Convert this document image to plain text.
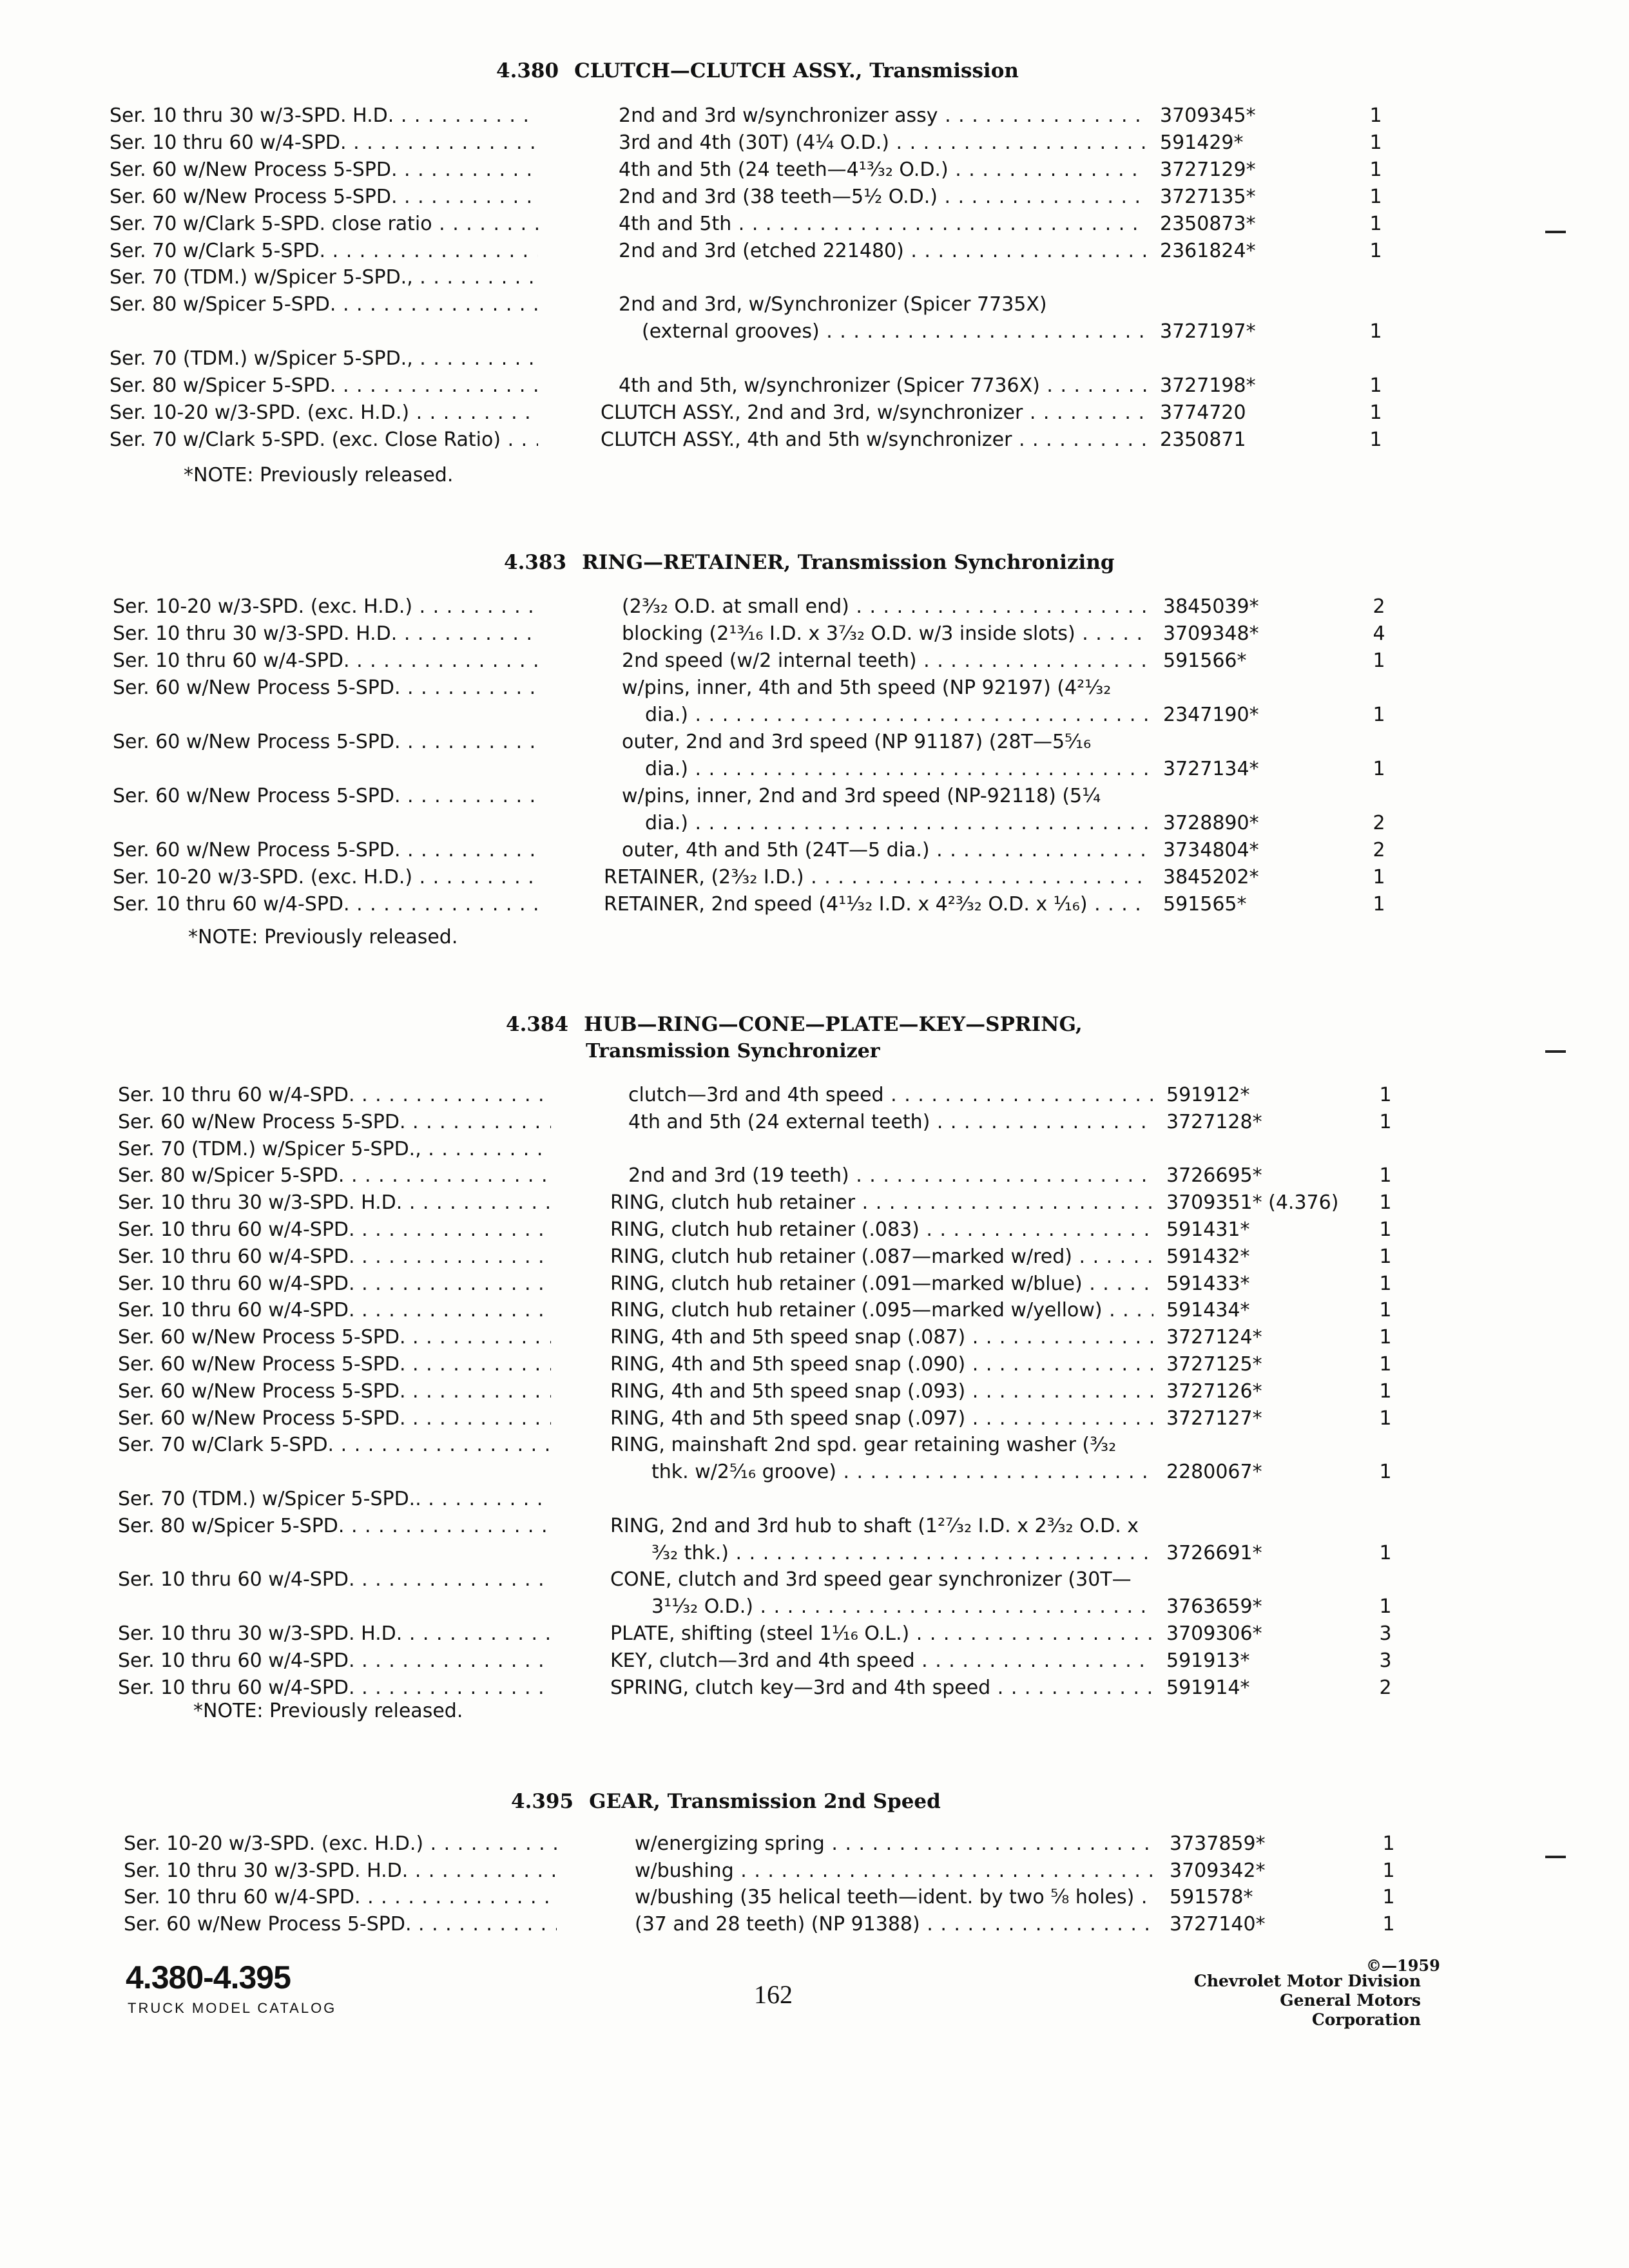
4.380 CLUTCH—CLUTCH ASSY., Transmission
4.383 RING—RETAINER, Transmission Synchronizing
4.384 HUB—RING—CONE—PLATE—KEY—SPRING,
Transmission Synchronizer
4.395 GEAR, Transmission 2nd Speed
Ser. 10 thru 30 w/3-SPD. H.D. . . .	2nd and 3rd w/synchronizer assy . . .	3709345*	1
Ser. 10 thru 60 w/4-SPD. . . .	3rd and 4th (30T) (4¼ O.D.) . . .	591429*	1
Ser. 60 w/New Process 5-SPD. . . .	4th and 5th (24 teeth—4¹³⁄₃₂ O.D.) . . .	3727129*	1
Ser. 60 w/New Process 5-SPD. . . .	2nd and 3rd (38 teeth—5½ O.D.) . . .	3727135*	1
Ser. 70 w/Clark 5-SPD. close ratio . . .	4th and 5th . . .	2350873*	1
Ser. 70 w/Clark 5-SPD. . . .	2nd and 3rd (etched 221480) . . .	2361824*	1
Ser. 70 (TDM.) w/Spicer 5-SPD., . . .
Ser. 80 w/Spicer 5-SPD. . . .	2nd and 3rd, w/Synchronizer (Spicer 7735X)
(external grooves) . . .	3727197*	1
Ser. 70 (TDM.) w/Spicer 5-SPD., . . .
Ser. 80 w/Spicer 5-SPD. . . .	4th and 5th, w/synchronizer (Spicer 7736X) . . .	3727198*	1
Ser. 10-20 w/3-SPD. (exc. H.D.) . . .	CLUTCH ASSY., 2nd and 3rd, w/synchronizer . . .	3774720	1
Ser. 70 w/Clark 5-SPD. (exc. Close Ratio) . . .	CLUTCH ASSY., 4th and 5th w/synchronizer . . .	2350871	1
Ser. 10-20 w/3-SPD. (exc. H.D.) . . .	(2³⁄₃₂ O.D. at small end) . . .	3845039*	2
Ser. 10 thru 30 w/3-SPD. H.D. . . .	blocking (2¹³⁄₁₆ I.D. x 3⁷⁄₃₂ O.D. w/3 inside slots) . . .	3709348*	4
Ser. 10 thru 60 w/4-SPD. . . .	2nd speed (w/2 internal teeth) . . .	591566*	1
Ser. 60 w/New Process 5-SPD. . . .	w/pins, inner, 4th and 5th speed (NP 92197) (4²¹⁄₃₂
dia.) . . .	2347190*	1
Ser. 60 w/New Process 5-SPD. . . .	outer, 2nd and 3rd speed (NP 91187) (28T—5⁵⁄₁₆
dia.) . . .	3727134*	1
Ser. 60 w/New Process 5-SPD. . . .	w/pins, inner, 2nd and 3rd speed (NP-92118) (5¼
dia.) . . .	3728890*	2
Ser. 60 w/New Process 5-SPD. . . .	outer, 4th and 5th (24T—5 dia.) . . .	3734804*	2
Ser. 10-20 w/3-SPD. (exc. H.D.) . . .	RETAINER, (2³⁄₃₂ I.D.) . . .	3845202*	1
Ser. 10 thru 60 w/4-SPD. . . .	RETAINER, 2nd speed (4¹¹⁄₃₂ I.D. x 4²³⁄₃₂ O.D. x ⅟₁₆) . . .	591565*	1
Ser. 10 thru 60 w/4-SPD. . . .	clutch—3rd and 4th speed . . .	591912*	1
Ser. 60 w/New Process 5-SPD. . . .	4th and 5th (24 external teeth) . . .	3727128*	1
Ser. 70 (TDM.) w/Spicer 5-SPD., . . .
Ser. 80 w/Spicer 5-SPD. . . .	2nd and 3rd (19 teeth) . . .	3726695*	1
Ser. 10 thru 30 w/3-SPD. H.D. . . .	RING, clutch hub retainer . . .	3709351* (4.376) 1
Ser. 10 thru 60 w/4-SPD. . . .	RING, clutch hub retainer (.083) . . .	591431*	1
Ser. 10 thru 60 w/4-SPD. . . .	RING, clutch hub retainer (.087—marked w/red) . . .	591432*	1
Ser. 10 thru 60 w/4-SPD. . . .	RING, clutch hub retainer (.091—marked w/blue) . . .	591433*	1
Ser. 10 thru 60 w/4-SPD. . . .	RING, clutch hub retainer (.095—marked w/yellow) . . .	591434*	1
Ser. 60 w/New Process 5-SPD. . . .	RING, 4th and 5th speed snap (.087) . . .	3727124*	1
Ser. 60 w/New Process 5-SPD. . . .	RING, 4th and 5th speed snap (.090) . . .	3727125*	1
Ser. 60 w/New Process 5-SPD. . . .	RING, 4th and 5th speed snap (.093) . . .	3727126*	1
Ser. 60 w/New Process 5-SPD. . . .	RING, 4th and 5th speed snap (.097) . . .	3727127*	1
Ser. 70 w/Clark 5-SPD. . . .	RING, mainshaft 2nd spd. gear retaining washer (³⁄₃₂
thk. w/2⁵⁄₁₆ groove) . . .	2280067*	1
Ser. 70 (TDM.) w/Spicer 5-SPD.. . . .
Ser. 80 w/Spicer 5-SPD. . . .	RING, 2nd and 3rd hub to shaft (1²⁷⁄₃₂ I.D. x 2³⁄₃₂ O.D. x
³⁄₃₂ thk.) . . .	3726691*	1
Ser. 10 thru 60 w/4-SPD. . . .	CONE, clutch and 3rd speed gear synchronizer (30T—
3¹¹⁄₃₂ O.D.) . . .	3763659*	1
Ser. 10 thru 30 w/3-SPD. H.D. . . .	PLATE, shifting (steel 1¹⁄₁₆ O.L.) . . .	3709306*	3
Ser. 10 thru 60 w/4-SPD. . . .	KEY, clutch—3rd and 4th speed . . .	591913*	3
Ser. 10 thru 60 w/4-SPD. . . .	SPRING, clutch key—3rd and 4th speed . . .	591914*	2
Ser. 10-20 w/3-SPD. (exc. H.D.) . . .	w/energizing spring . . .	3737859*	1
Ser. 10 thru 30 w/3-SPD. H.D. . . .	w/bushing . . .	3709342*	1
Ser. 10 thru 60 w/4-SPD. . . .	w/bushing (35 helical teeth—ident. by two ⅝ holes) . . .	591578*	1
Ser. 60 w/New Process 5-SPD. . . .	(37 and 28 teeth) (NP 91388) . . .	3727140*	1
*NOTE: Previously released.
*NOTE: Previously released.
*NOTE: Previously released.
4.380-4.395
TRUCK MODEL CATALOG	162
©—1959
Chevrolet Motor Division
General Motors Corporation
